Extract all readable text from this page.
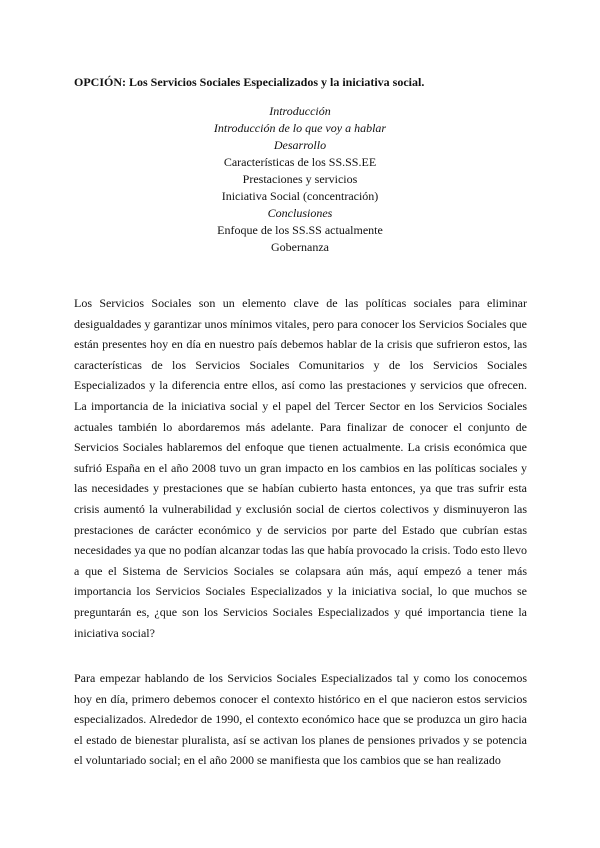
OPCIÓN: Los Servicios Sociales Especializados y la iniciativa social.
Introducción
Introducción de lo que voy a hablar
Desarrollo
Características de los SS.SS.EE
Prestaciones y servicios
Iniciativa Social (concentración)
Conclusiones
Enfoque de los SS.SS actualmente
Gobernanza

Los Servicios Sociales son un elemento clave de las políticas sociales para eliminar desigualdades y garantizar unos mínimos vitales, pero para conocer los Servicios Sociales que están presentes hoy en día en nuestro país debemos hablar de la crisis que sufrieron estos, las características de los Servicios Sociales Comunitarios y de los Servicios Sociales Especializados y la diferencia entre ellos, así como las prestaciones y servicios que ofrecen. La importancia de la iniciativa social y el papel del Tercer Sector en los Servicios Sociales actuales también lo abordaremos más adelante. Para finalizar de conocer el conjunto de Servicios Sociales hablaremos del enfoque que tienen actualmente. La crisis económica que sufrió España en el año 2008 tuvo un gran impacto en los cambios en las políticas sociales y las necesidades y prestaciones que se habían cubierto hasta entonces, ya que tras sufrir esta crisis aumentó la vulnerabilidad y exclusión social de ciertos colectivos y disminuyeron las prestaciones de carácter económico y de servicios por parte del Estado que cubrían estas necesidades ya que no podían alcanzar todas las que había provocado la crisis. Todo esto llevo a que el Sistema de Servicios Sociales se colapsara aún más, aquí empezó a tener más importancia los Servicios Sociales Especializados y la iniciativa social, lo que muchos se preguntarán es, ¿que son los Servicios Sociales Especializados y qué importancia tiene la iniciativa social?

Para empezar hablando de los Servicios Sociales Especializados tal y como los conocemos hoy en día, primero debemos conocer el contexto histórico en el que nacieron estos servicios especializados. Alrededor de 1990, el contexto económico hace que se produzca un giro hacia el estado de bienestar pluralista, así se activan los planes de pensiones privados y se potencia el voluntariado social; en el año 2000 se manifiesta que los cambios que se han realizado
